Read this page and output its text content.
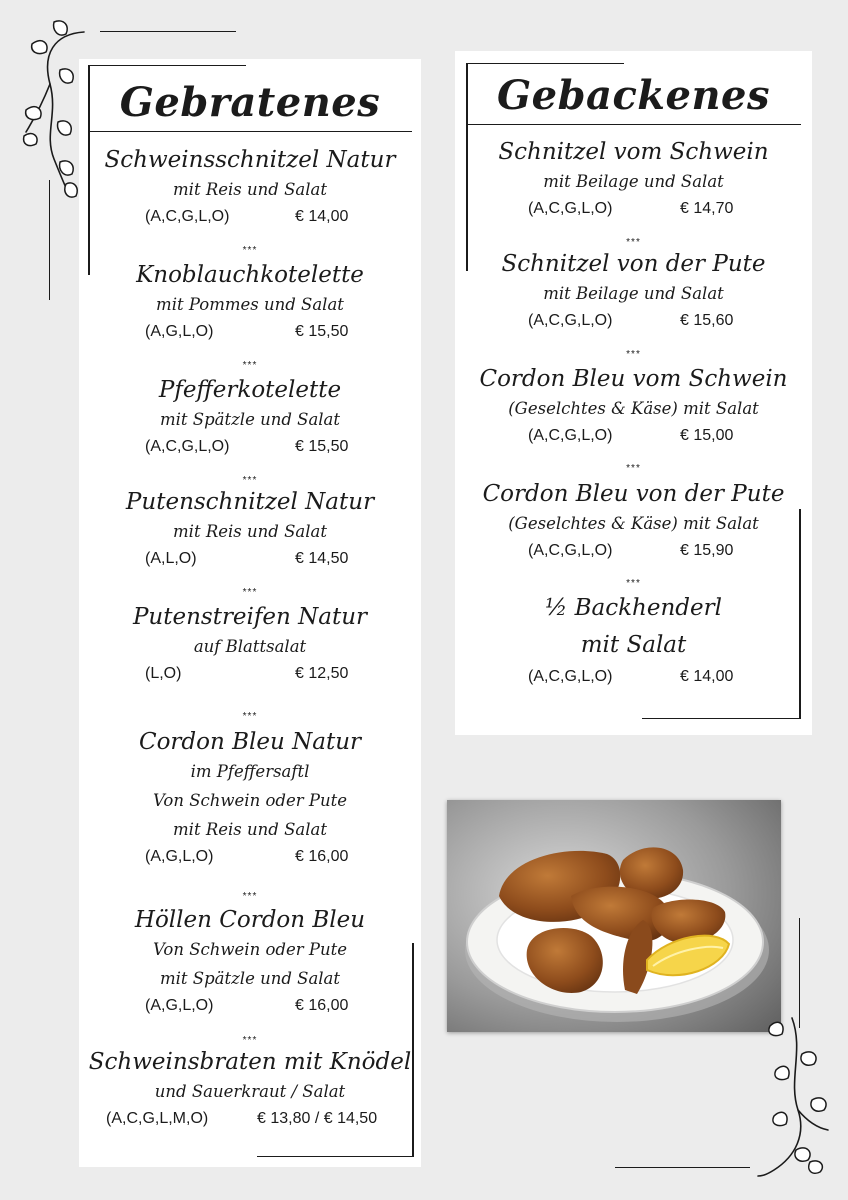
Gebratenes
Schweinsschnitzel Natur
mit Reis und Salat
(A,C,G,L,O)	€ 14,00
***
Knoblauchkotelette
mit Pommes und Salat
(A,G,L,O)	€ 15,50
***
Pfefferkotelette
mit Spätzle und Salat
(A,C,G,L,O)	€ 15,50
***
Putenschnitzel Natur
mit Reis und Salat
(A,L,O)	€ 14,50
***
Putenstreifen Natur
auf Blattsalat
(L,O)	€ 12,50
***
Cordon Bleu Natur
im Pfeffersaftl
Von Schwein oder Pute
mit Reis und Salat
(A,G,L,O)	€ 16,00
***
Höllen Cordon Bleu
Von Schwein oder Pute
mit Spätzle und Salat
(A,G,L,O)	€ 16,00
***
Schweinsbraten mit Knödel
und Sauerkraut / Salat
(A,C,G,L,M,O)	€ 13,80 / € 14,50
Gebackenes
Schnitzel vom Schwein
mit Beilage und Salat
(A,C,G,L,O)	€ 14,70
***
Schnitzel von der Pute
mit Beilage und Salat
(A,C,G,L,O)	€ 15,60
***
Cordon Bleu vom Schwein
(Geselchtes & Käse) mit Salat
(A,C,G,L,O)	€ 15,00
***
Cordon Bleu von der Pute
(Geselchtes & Käse) mit Salat
(A,C,G,L,O)	€ 15,90
***
½ Backhenderl
mit Salat
(A,C,G,L,O)	€ 14,00
